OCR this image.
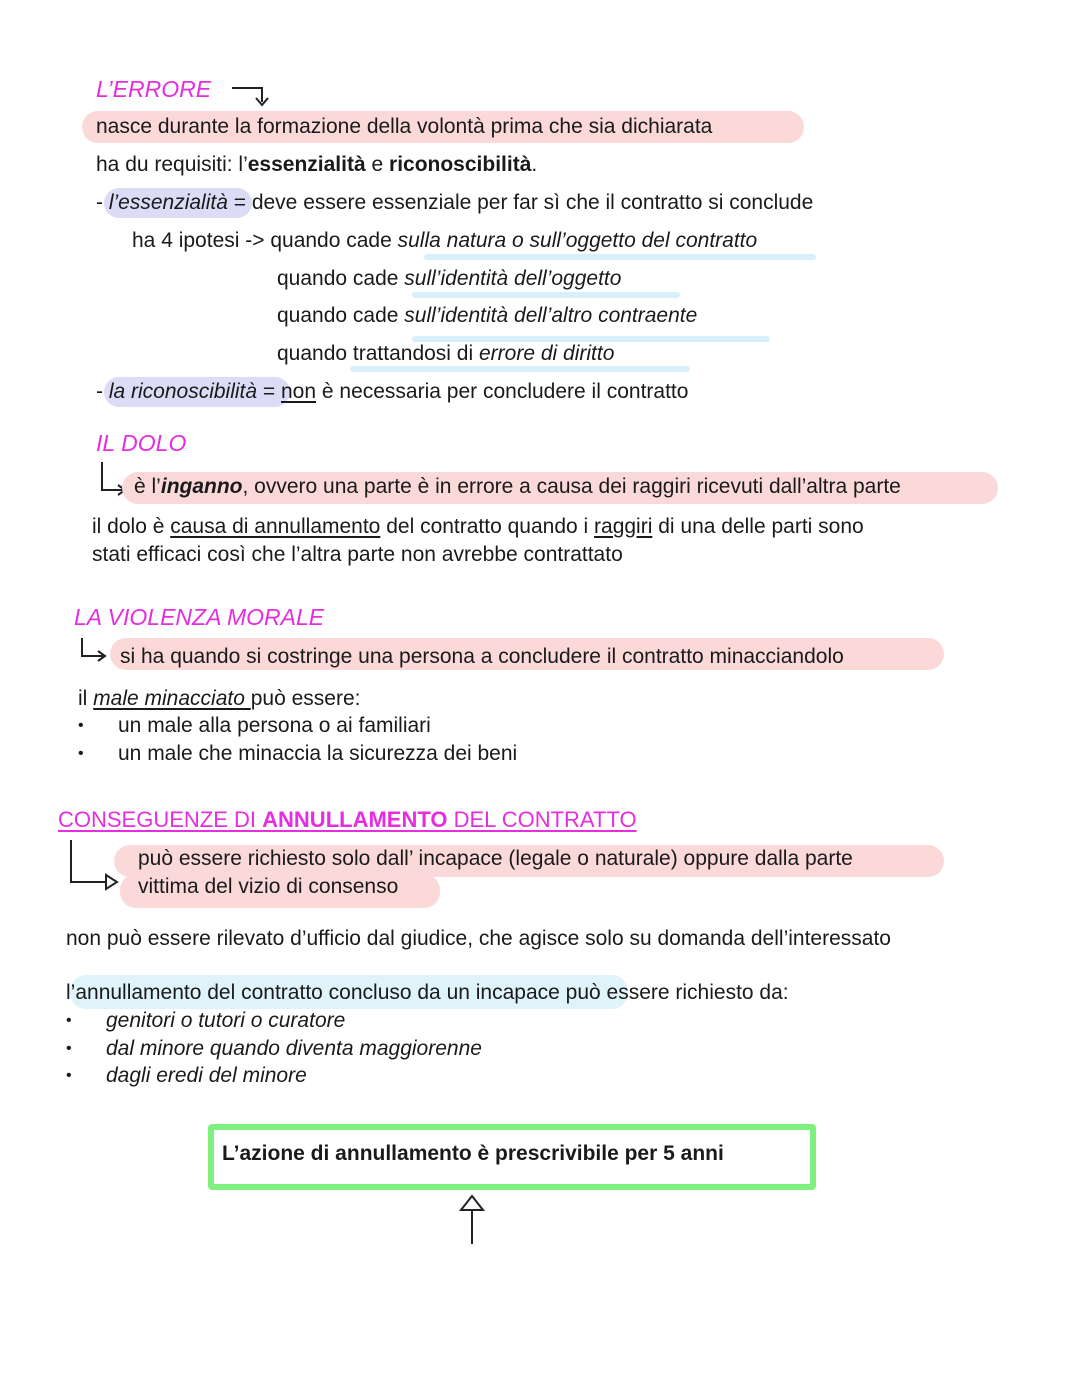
L’ERRORE
nasce durante la formazione della volontà prima che sia dichiarata
ha du requisiti: l’essenzialità e riconoscibilità.
- l’essenzialità = deve essere essenziale per far sì che il contratto si conclude
ha 4 ipotesi -> quando cade sulla natura o sull’oggetto del contratto
quando cade sull’identità dell’oggetto
quando cade sull’identità dell’altro contraente
quando trattandosi di errore di diritto
- la riconoscibilità = non è necessaria per concludere il contratto
IL DOLO
è l’inganno, ovvero una parte è in errore a causa dei raggiri ricevuti dall’altra parte
il dolo è causa di annullamento del contratto quando i raggiri di una delle parti sono
stati efficaci così che l’altra parte non avrebbe contrattato
LA VIOLENZA MORALE
si ha quando si costringe una persona a concludere il contratto minacciandolo
il male minacciato può essere:
• un male alla persona o ai familiari
• un male che minaccia la sicurezza dei beni
CONSEGUENZE DI ANNULLAMENTO DEL CONTRATTO
può essere richiesto solo dall’ incapace (legale o naturale) oppure dalla parte
vittima del vizio di consenso
non può essere rilevato d’ufficio dal giudice, che agisce solo su domanda dell’interessato
l’annullamento del contratto concluso da un incapace può essere richiesto da:
• genitori o tutori o curatore
• dal minore quando diventa maggiorenne
• dagli eredi del minore
L’azione di annullamento è prescrivibile per 5 anni
